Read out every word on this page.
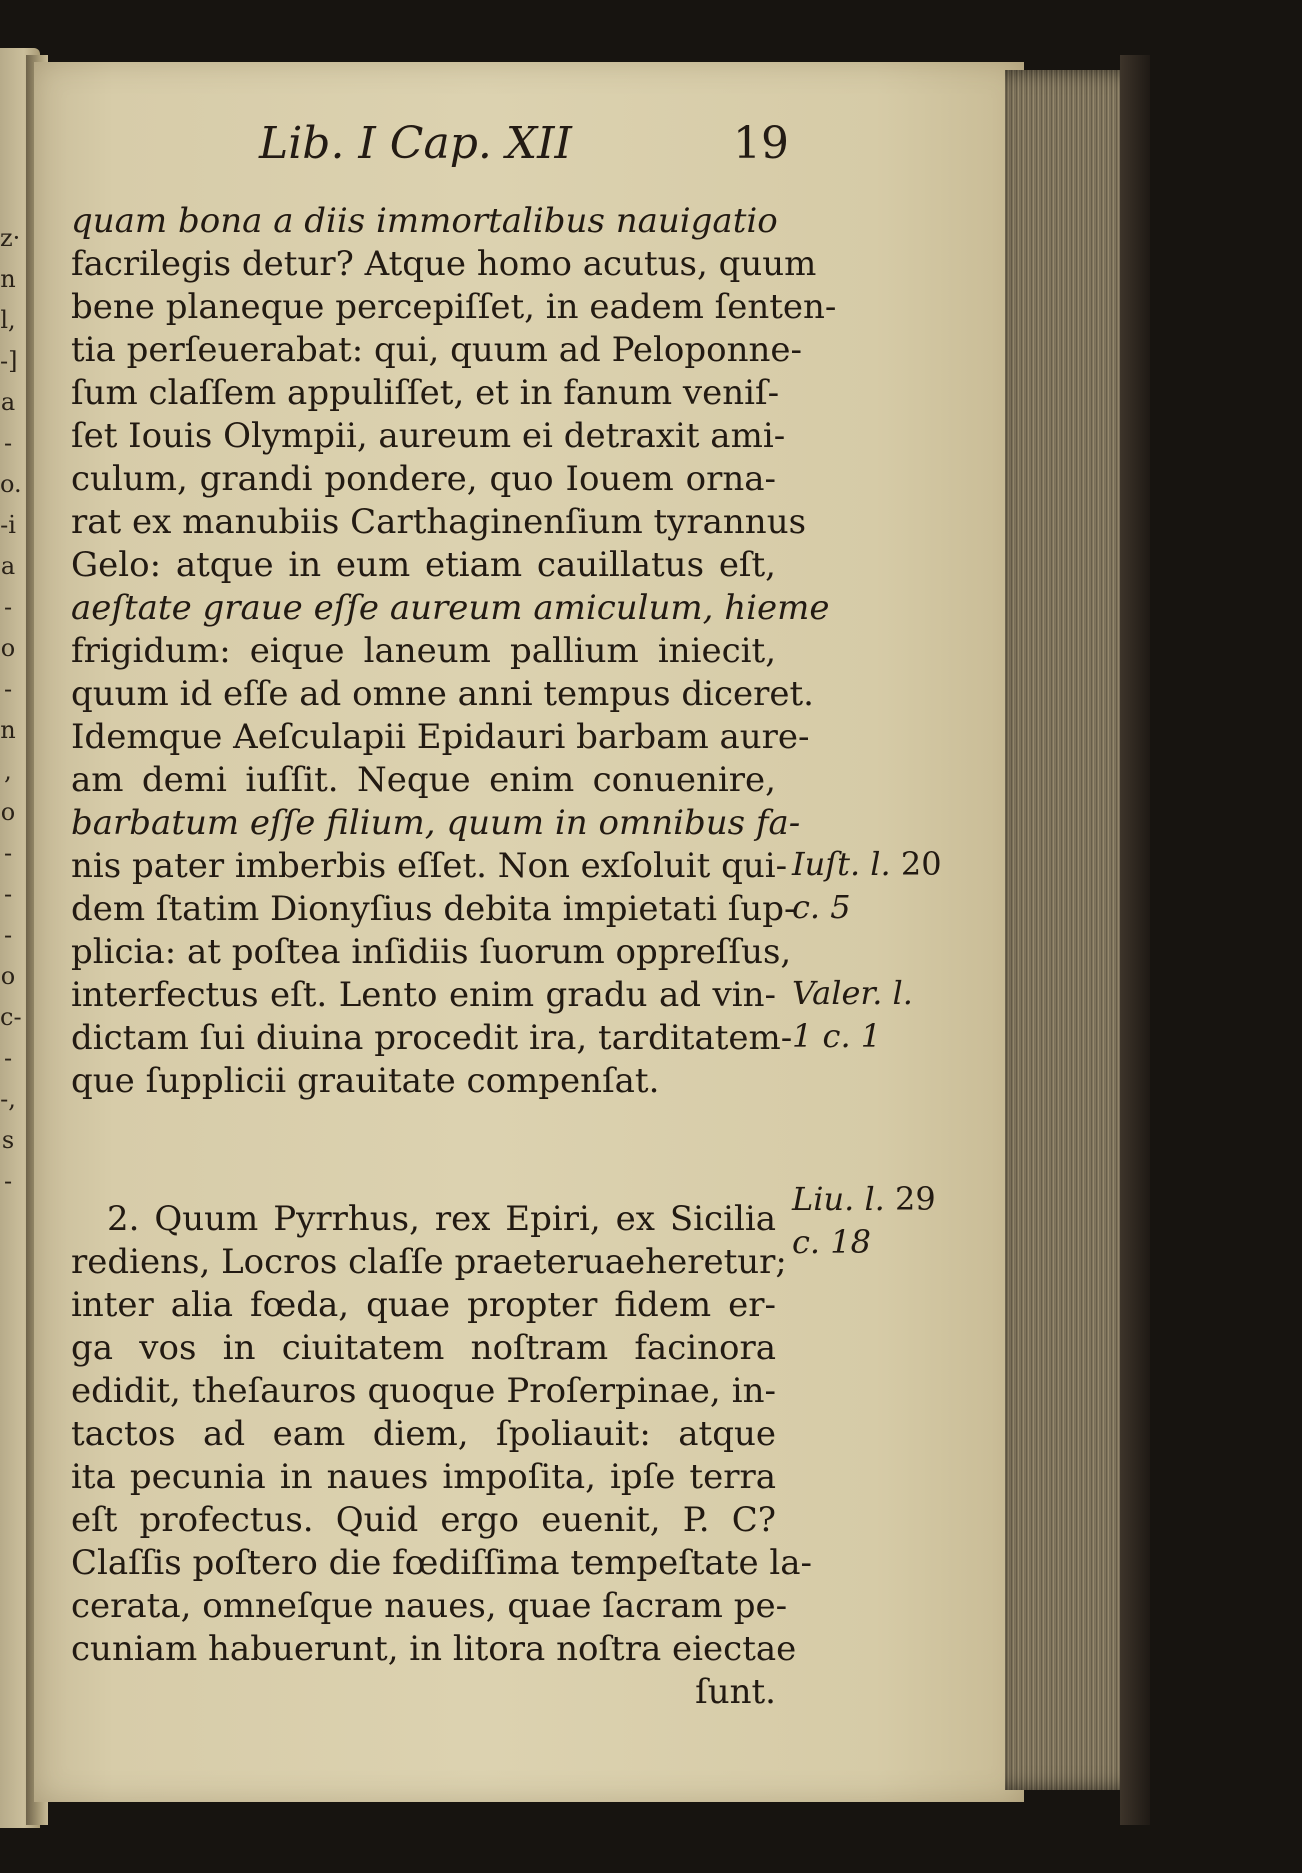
z·
n
l,
-]
a
-
o.
-i
a
-
o
-
n
,
o
-
-
-
o
c-
-
-,
s
-
Lib. I Cap. XII	19
quam bona a diis immortalibus nauigatio
facrilegis detur? Atque homo acutus, quum
bene planeque percepiſſet, in eadem ſenten-
tia perſeuerabat: qui, quum ad Peloponne-
ſum claſſem appuliſſet, et in fanum veniſ-
ſet Iouis Olympii, aureum ei detraxit ami-
culum, grandi pondere, quo Iouem orna-
rat ex manubiis Carthaginenſium tyrannus
Gelo: atque in eum etiam cauillatus eſt,
aeſtate graue eſſe aureum amiculum, hieme
frigidum: eique laneum pallium iniecit,
quum id eſſe ad omne anni tempus diceret.
Idemque Aeſculapii Epidauri barbam aure-
am demi iuſſit. Neque enim conuenire,
barbatum eſſe filium, quum in omnibus fa-
nis pater imberbis eſſet. Non exſoluit qui-
dem ſtatim Dionyſius debita impietati ſup-
plicia: at poſtea inſidiis ſuorum oppreſſus,
interfectus eſt. Lento enim gradu ad vin-
dictam ſui diuina procedit ira, tarditatem-
que ſupplicii grauitate compenſat.
2. Quum Pyrrhus, rex Epiri, ex Sicilia
rediens, Locros claſſe praeteruaeheretur;
inter alia fœda, quae propter fidem er-
ga vos in ciuitatem noſtram facinora
edidit, theſauros quoque Proſerpinae, in-
tactos ad eam diem, ſpoliauit: atque
ita pecunia in naues impoſita, ipſe terra
eſt profectus. Quid ergo euenit, P. C?
Claſſis poſtero die fœdiſſima tempeſtate la-
cerata, omneſque naues, quae ſacram pe-
cuniam habuerunt, in litora noſtra eiectae
ſunt.
Iuſt. l. 20
c. 5
Valer. l.
1 c. 1
Liu. l. 29
c. 18
